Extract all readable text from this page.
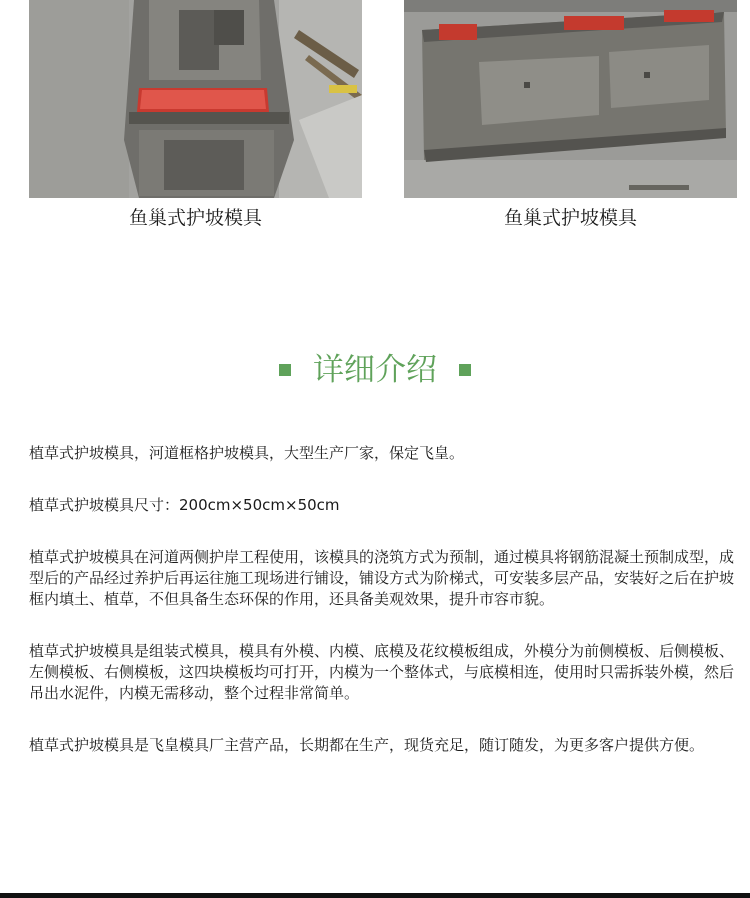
鱼巢式护坡模具	鱼巢式护坡模具
详细介绍

植草式护坡模具，河道框格护坡模具，大型生产厂家，保定飞皇。

植草式护坡模具尺寸：200cm×50cm×50cm

植草式护坡模具在河道两侧护岸工程使用，该模具的浇筑方式为预制，通过模具将钢筋混凝土预制成型，成型后的产品经过养护后再运往施工现场进行铺设，铺设方式为阶梯式，可安装多层产品，安装好之后在护坡框内填土、植草，不但具备生态环保的作用，还具备美观效果，提升市容市貌。

植草式护坡模具是组装式模具，模具有外模、内模、底模及花纹模板组成，外模分为前侧模板、后侧模板、左侧模板、右侧模板，这四块模板均可打开，内模为一个整体式，与底模相连，使用时只需拆装外模，然后吊出水泥件，内模无需移动，整个过程非常简单。

植草式护坡模具是飞皇模具厂主营产品，长期都在生产，现货充足，随订随发，为更多客户提供方便。
